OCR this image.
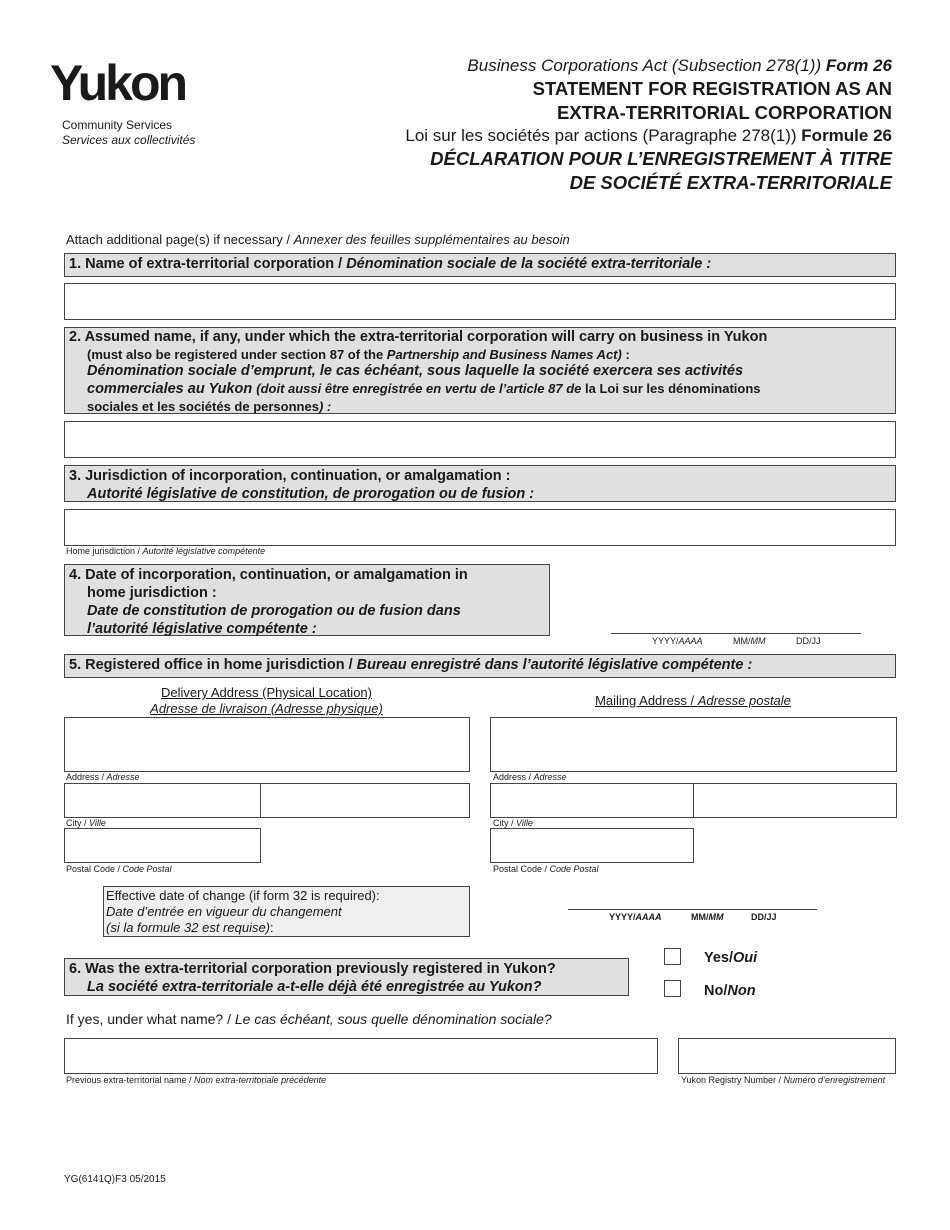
Yukon
Community Services
Services aux collectivités
Business Corporations Act (Subsection 278(1)) Form 26
STATEMENT FOR REGISTRATION AS AN
EXTRA-TERRITORIAL CORPORATION
Loi sur les sociétés par actions (Paragraphe 278(1)) Formule 26
DÉCLARATION POUR L’ENREGISTREMENT À TITRE
DE SOCIÉTÉ EXTRA-TERRITORIALE
Attach additional page(s) if necessary / Annexer des feuilles supplémentaires au besoin
1. Name of extra-territorial corporation / Dénomination sociale de la société extra-territoriale :
2. Assumed name, if any, under which the extra-territorial corporation will carry on business in Yukon
(must also be registered under section 87 of the Partnership and Business Names Act) :
Dénomination sociale d’emprunt, le cas échéant, sous laquelle la société exercera ses activités
commerciales au Yukon (doit aussi être enregistrée en vertu de l’article 87 de la Loi sur les dénominations
sociales et les sociétés de personnes) :
3. Jurisdiction of incorporation, continuation, or amalgamation :
Autorité législative de constitution, de prorogation ou de fusion :
Home jurisdiction / Autorité législative compétente
4. Date of incorporation, continuation, or amalgamation in
home jurisdiction :
Date de constitution de prorogation ou de fusion dans
l’autorité législative compétente :
YYYY/AAAA	MM/MM	DD/JJ
5. Registered office in home jurisdiction / Bureau enregistré dans l’autorité législative compétente :
Delivery Address (Physical Location)
Adresse de livraison (Adresse physique)
Mailing Address / Adresse postale
Address / Adresse
City / Ville
Postal Code / Code Postal
Address / Adresse
City / Ville
Postal Code / Code Postal
Effective date of change (if form 32 is required):
Date d’entrée en vigueur du changement
(si la formule 32 est requise):
YYYY/AAAA	MM/MM	DD/JJ
6. Was the extra-territorial corporation previously registered in Yukon?
La société extra-territoriale a-t-elle déjà été enregistrée au Yukon?
Yes/Oui
No/Non
If yes, under what name? / Le cas échéant, sous quelle dénomination sociale?
Previous extra-territorial name / Nom extra-territoriale précédente	Yukon Registry Number / Numéro d’enregistrement
YG(6141Q)F3 05/2015
